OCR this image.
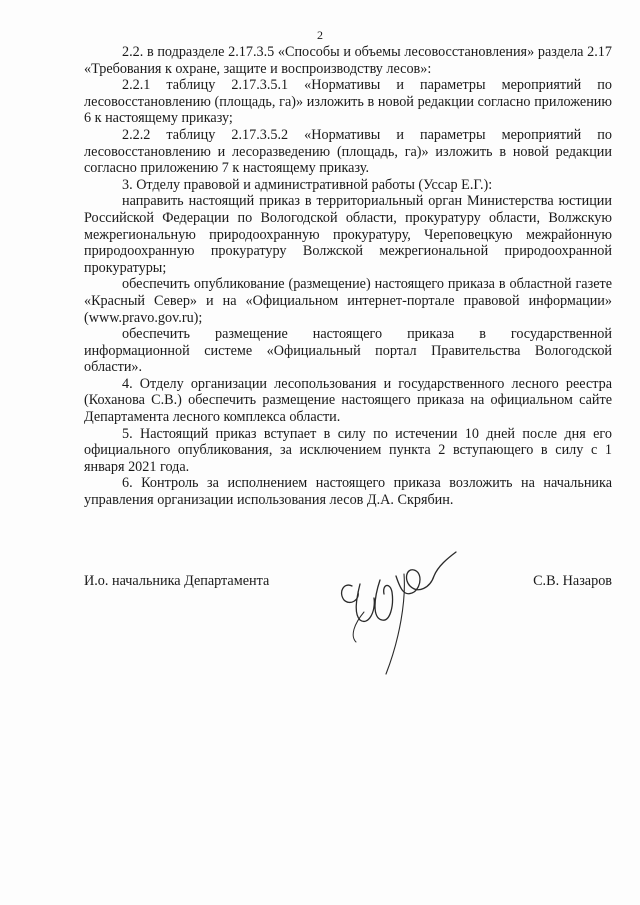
2

2.2. в подразделе 2.17.3.5 «Способы и объемы лесовосстановления» раздела 2.17 «Требования к охране, защите и воспроизводству лесов»:

2.2.1 таблицу 2.17.3.5.1 «Нормативы и параметры мероприятий по лесовосстановлению (площадь, га)» изложить в новой редакции согласно приложению 6 к настоящему приказу;

2.2.2 таблицу 2.17.3.5.2 «Нормативы и параметры мероприятий по лесовосстановлению и лесоразведению (площадь, га)» изложить в новой редакции согласно приложению 7 к настоящему приказу.

3. Отделу правовой и административной работы (Уссар Е.Г.):

направить настоящий приказ в территориальный орган Министерства юстиции Российской Федерации по Вологодской области, прокуратуру области, Волжскую межрегиональную природоохранную прокуратуру, Череповецкую межрайонную природоохранную прокуратуру Волжской межрегиональной природоохранной прокуратуры;

обеспечить опубликование (размещение) настоящего приказа в областной газете «Красный Север» и на «Официальном интернет-портале правовой информации» (www.pravo.gov.ru);

обеспечить размещение настоящего приказа в государственной информационной системе «Официальный портал Правительства Вологодской области».

4. Отделу организации лесопользования и государственного лесного реестра (Коханова С.В.) обеспечить размещение настоящего приказа на официальном сайте Департамента лесного комплекса области.

5. Настоящий приказ вступает в силу по истечении 10 дней после дня его официального опубликования, за исключением пункта 2 вступающего в силу с 1 января 2021 года.

6. Контроль за исполнением настоящего приказа возложить на начальника управления организации использования лесов Д.А. Скрябин.

И.о. начальника Департамента	С.В. Назаров
